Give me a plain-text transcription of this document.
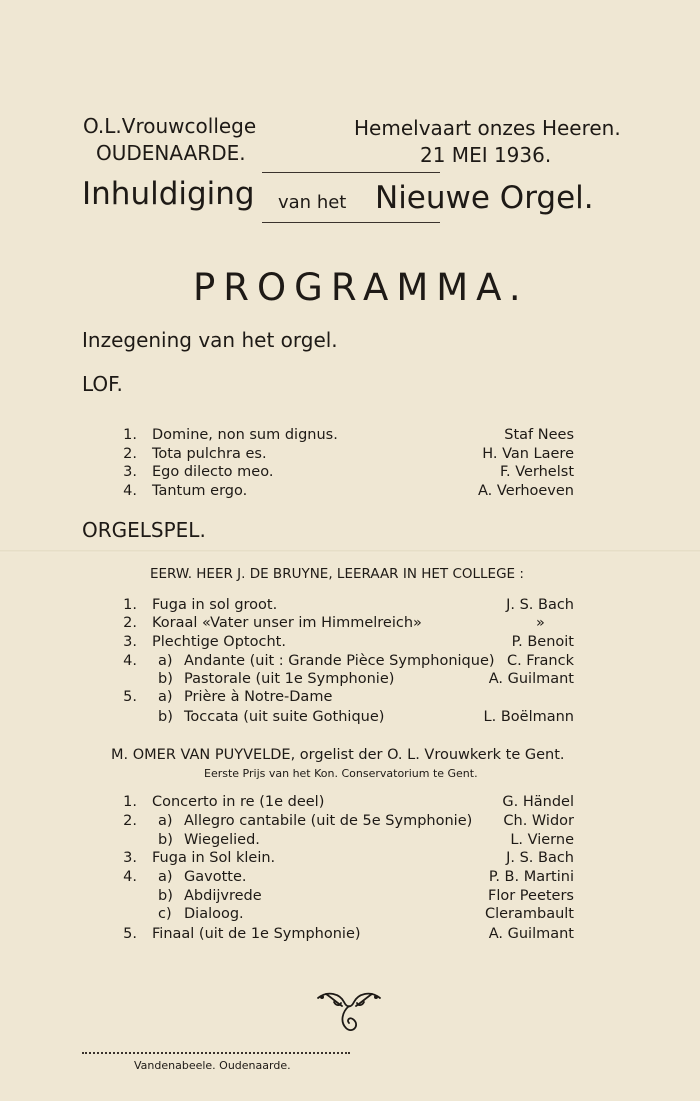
O.L.Vrouwcollege
OUDENAARDE.
Hemelvaart onzes Heeren.
21 MEI 1936.
Inhuldiging van het Nieuwe Orgel.
PROGRAMMA.
Inzegening van het orgel.
LOF.
1. Domine, non sum dignus.	Staf Nees
2. Tota pulchra es.	H. Van Laere
3. Ego dilecto meo.	F. Verhelst
4. Tantum ergo.	A. Verhoeven
ORGELSPEL.
EERW. HEER J. DE BRUYNE, LEERAAR IN HET COLLEGE :
1. Fuga in sol groot.	J. S. Bach
2. Koraal «Vater unser im Himmelreich»	»
3. Plechtige Optocht.	P. Benoit
4. a) Andante (uit : Grande Pièce Symphonique) C. Franck
b) Pastorale (uit 1e Symphonie)	A. Guilmant
5. a) Prière à Notre-Dame
b) Toccata (uit suite Gothique)	L. Boëlmann
M. OMER VAN PUYVELDE, orgelist der O. L. Vrouwkerk te Gent.
Eerste Prijs van het Kon. Conservatorium te Gent.
1. Concerto in re (1e deel)	G. Händel
2. a) Allegro cantabile (uit de 5e Symphonie) Ch. Widor
b) Wiegelied.	L. Vierne
3. Fuga in Sol klein.	J. S. Bach
4. a) Gavotte.	P. B. Martini
b) Abdijvrede	Flor Peeters
c) Dialoog.	Clerambault
5. Finaal (uit de 1e Symphonie)	A. Guilmant
Vandenabeele. Oudenaarde.
